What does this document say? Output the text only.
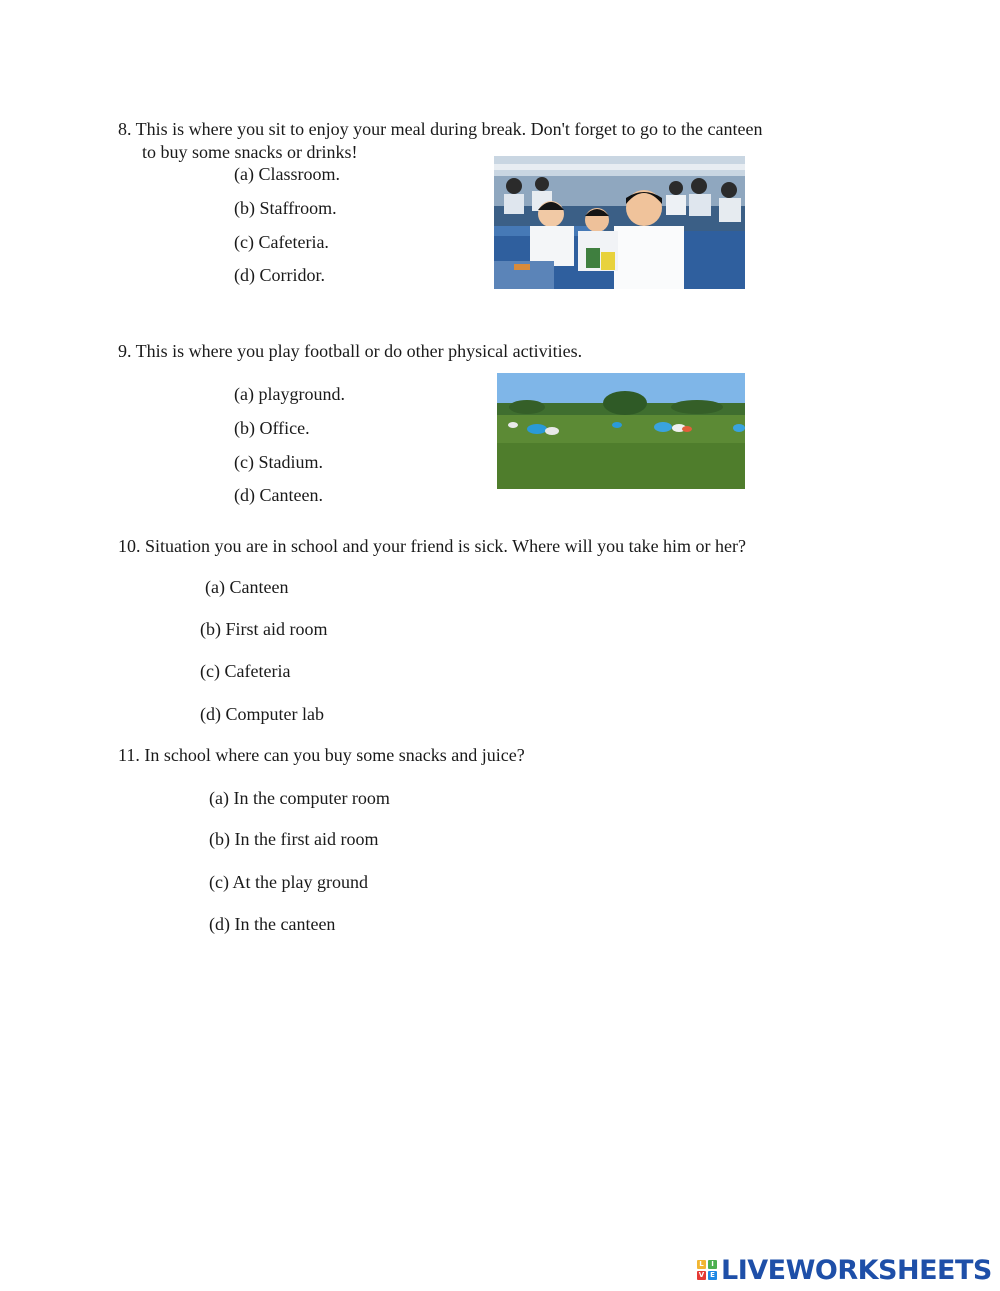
8. This is where you sit to enjoy your meal during break. Don't forget to go to the canteen
to buy some snacks or drinks!
(a) Classroom.
(b) Staffroom.
(c) Cafeteria.
(d) Corridor.
9. This is where you play football or do other physical activities.
(a) playground.
(b) Office.
(c) Stadium.
(d) Canteen.
10. Situation you are in school and your friend is sick. Where will you take him or her?
(a) Canteen
(b) First aid room
(c) Cafeteria
(d) Computer lab
11. In school where can you buy some snacks and juice?
(a) In the computer room
(b) In the first aid room
(c) At the play ground
(d) In the canteen
L	I
V E LIVEWORKSHEETS
